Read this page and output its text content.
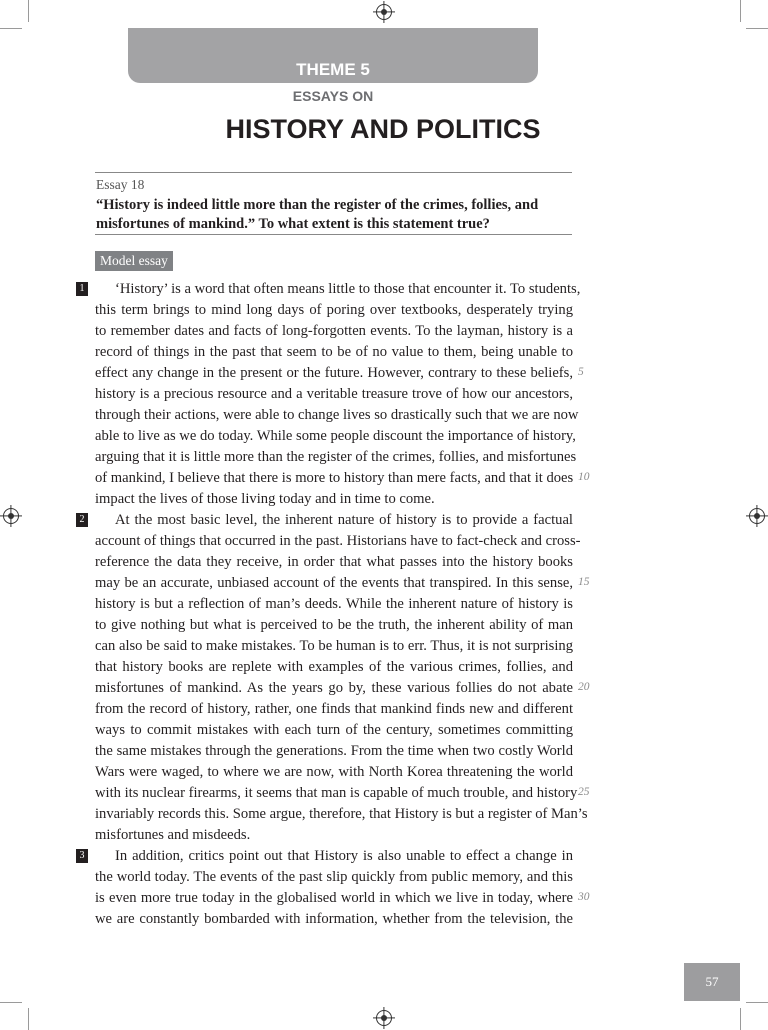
THEME 5
ESSAYS ON
HISTORY AND POLITICS
Essay 18
“History is indeed little more than the register of the crimes, follies, and
misfortunes of mankind.” To what extent is this statement true?
Model essay
1 ‘History’ is a word that often means little to those that encounter it. To students,
this term brings to mind long days of poring over textbooks, desperately trying
to remember dates and facts of long-forgotten events. To the layman, history is a
record of things in the past that seem to be of no value to them, being unable to
effect any change in the present or the future. However, contrary to these beliefs,
history is a precious resource and a veritable treasure trove of how our ancestors,
through their actions, were able to change lives so drastically such that we are now
able to live as we do today. While some people discount the importance of history,
arguing that it is little more than the register of the crimes, follies, and misfortunes
of mankind, I believe that there is more to history than mere facts, and that it does
impact the lives of those living today and in time to come.
2 At the most basic level, the inherent nature of history is to provide a factual
account of things that occurred in the past. Historians have to fact-check and cross-
reference the data they receive, in order that what passes into the history books
may be an accurate, unbiased account of the events that transpired. In this sense,
history is but a reflection of man’s deeds. While the inherent nature of history is
to give nothing but what is perceived to be the truth, the inherent ability of man
can also be said to make mistakes. To be human is to err. Thus, it is not surprising
that history books are replete with examples of the various crimes, follies, and
misfortunes of mankind. As the years go by, these various follies do not abate
from the record of history, rather, one finds that mankind finds new and different
ways to commit mistakes with each turn of the century, sometimes committing
the same mistakes through the generations. From the time when two costly World
Wars were waged, to where we are now, with North Korea threatening the world
with its nuclear firearms, it seems that man is capable of much trouble, and history
invariably records this. Some argue, therefore, that History is but a register of Man’s
misfortunes and misdeeds.
3 In addition, critics point out that History is also unable to effect a change in
the world today. The events of the past slip quickly from public memory, and this
is even more true today in the globalised world in which we live in today, where
we are constantly bombarded with information, whether from the television, the
5
10
15
20
25
30
57
